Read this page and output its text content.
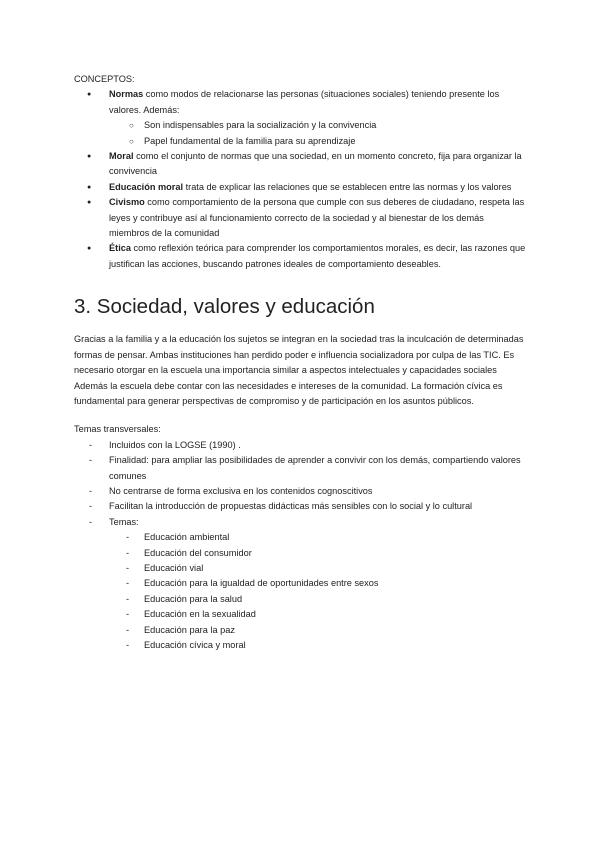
CONCEPTOS:

● Normas como modos de relacionarse las personas (situaciones sociales) teniendo presente los valores. Además:
○ Son indispensables para la socialización y la convivencia
○ Papel fundamental de la familia para su aprendizaje
● Moral como el conjunto de normas que una sociedad, en un momento concreto, fija para organizar la convivencia
● Educación moral trata de explicar las relaciones que se establecen entre las normas y los valores
● Civismo como comportamiento de la persona que cumple con sus deberes de ciudadano, respeta las leyes y contribuye así al funcionamiento correcto de la sociedad y al bienestar de los demás miembros de la comunidad
● Ética como reflexión teórica para comprender los comportamientos morales, es decir, las razones que justifican las acciones, buscando patrones ideales de comportamiento deseables.
3. Sociedad, valores y educación

Gracias a la familia y a la educación los sujetos se integran en la sociedad tras la inculcación de determinadas formas de pensar. Ambas instituciones han perdido poder e influencia socializadora por culpa de las TIC. Es necesario otorgar en la escuela una importancia similar a aspectos intelectuales y capacidades sociales

Además la escuela debe contar con las necesidades e intereses de la comunidad. La formación cívica es fundamental para generar perspectivas de compromiso y de participación en los asuntos públicos.

Temas transversales:

- Incluidos con la LOGSE (1990) .
- Finalidad: para ampliar las posibilidades de aprender a convivir con los demás, compartiendo valores comunes
- No centrarse de forma exclusiva en los contenidos cognoscitivos
- Facilitan la introducción de propuestas didácticas más sensibles con lo social y lo cultural
- Temas:
- Educación ambiental
- Educación del consumidor
- Educación vial
- Educación para la igualdad de oportunidades entre sexos
- Educación para la salud
- Educación en la sexualidad
- Educación para la paz
- Educación cívica y moral
